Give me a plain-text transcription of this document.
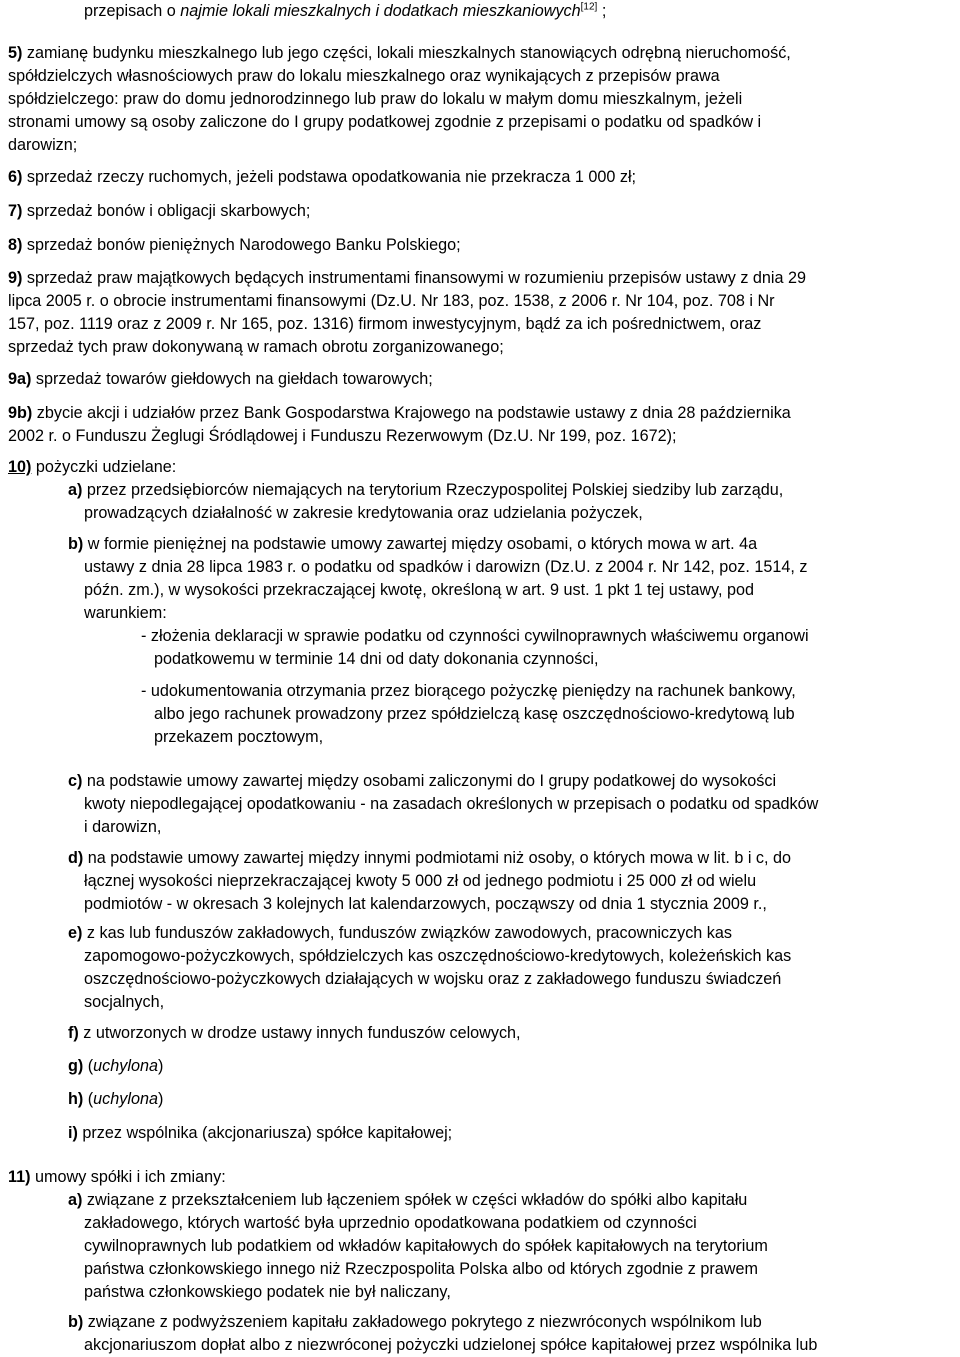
przepisach o najmie lokali mieszkalnych i dodatkach mieszkaniowych[12] ;
5) zamianę budynku mieszkalnego lub jego części, lokali mieszkalnych stanowiących odrębną nieruchomość,
spółdzielczych własnościowych praw do lokalu mieszkalnego oraz wynikających z przepisów prawa
spółdzielczego: praw do domu jednorodzinnego lub praw do lokalu w małym domu mieszkalnym, jeżeli
stronami umowy są osoby zaliczone do I grupy podatkowej zgodnie z przepisami o podatku od spadków i
darowizn;
6) sprzedaż rzeczy ruchomych, jeżeli podstawa opodatkowania nie przekracza 1 000 zł;
7) sprzedaż bonów i obligacji skarbowych;
8) sprzedaż bonów pieniężnych Narodowego Banku Polskiego;
9) sprzedaż praw majątkowych będących instrumentami finansowymi w rozumieniu przepisów ustawy z dnia 29
lipca 2005 r. o obrocie instrumentami finansowymi (Dz.U. Nr 183, poz. 1538, z 2006 r. Nr 104, poz. 708 i Nr
157, poz. 1119 oraz z 2009 r. Nr 165, poz. 1316) firmom inwestycyjnym, bądź za ich pośrednictwem, oraz
sprzedaż tych praw dokonywaną w ramach obrotu zorganizowanego;
9a) sprzedaż towarów giełdowych na giełdach towarowych;
9b) zbycie akcji i udziałów przez Bank Gospodarstwa Krajowego na podstawie ustawy z dnia 28 października
2002 r. o Funduszu Żeglugi Śródlądowej i Funduszu Rezerwowym (Dz.U. Nr 199, poz. 1672);
10) pożyczki udzielane:
a) przez przedsiębiorców niemających na terytorium Rzeczypospolitej Polskiej siedziby lub zarządu,
prowadzących działalność w zakresie kredytowania oraz udzielania pożyczek,
b) w formie pieniężnej na podstawie umowy zawartej między osobami, o których mowa w art. 4a
ustawy z dnia 28 lipca 1983 r. o podatku od spadków i darowizn (Dz.U. z 2004 r. Nr 142, poz. 1514, z
późn. zm.), w wysokości przekraczającej kwotę, określoną w art. 9 ust. 1 pkt 1 tej ustawy, pod
warunkiem:
- złożenia deklaracji w sprawie podatku od czynności cywilnoprawnych właściwemu organowi
podatkowemu w terminie 14 dni od daty dokonania czynności,
- udokumentowania otrzymania przez biorącego pożyczkę pieniędzy na rachunek bankowy,
albo jego rachunek prowadzony przez spółdzielczą kasę oszczędnościowo-kredytową lub
przekazem pocztowym,
c) na podstawie umowy zawartej między osobami zaliczonymi do I grupy podatkowej do wysokości
kwoty niepodlegającej opodatkowaniu - na zasadach określonych w przepisach o podatku od spadków
i darowizn,
d) na podstawie umowy zawartej między innymi podmiotami niż osoby, o których mowa w lit. b i c, do
łącznej wysokości nieprzekraczającej kwoty 5 000 zł od jednego podmiotu i 25 000 zł od wielu
podmiotów - w okresach 3 kolejnych lat kalendarzowych, począwszy od dnia 1 stycznia 2009 r.,
e) z kas lub funduszów zakładowych, funduszów związków zawodowych, pracowniczych kas
zapomogowo-pożyczkowych, spółdzielczych kas oszczędnościowo-kredytowych, koleżeńskich kas
oszczędnościowo-pożyczkowych działających w wojsku oraz z zakładowego funduszu świadczeń
socjalnych,
f) z utworzonych w drodze ustawy innych funduszów celowych,
g) (uchylona)
h) (uchylona)
i) przez wspólnika (akcjonariusza) spółce kapitałowej;
11) umowy spółki i ich zmiany:
a) związane z przekształceniem lub łączeniem spółek w części wkładów do spółki albo kapitału
zakładowego, których wartość była uprzednio opodatkowana podatkiem od czynności
cywilnoprawnych lub podatkiem od wkładów kapitałowych do spółek kapitałowych na terytorium
państwa członkowskiego innego niż Rzeczpospolita Polska albo od których zgodnie z prawem
państwa członkowskiego podatek nie był naliczany,
b) związane z podwyższeniem kapitału zakładowego pokrytego z niezwróconych wspólnikom lub
akcjonariuszom dopłat albo z niezwróconej pożyczki udzielonej spółce kapitałowej przez wspólnika lub
